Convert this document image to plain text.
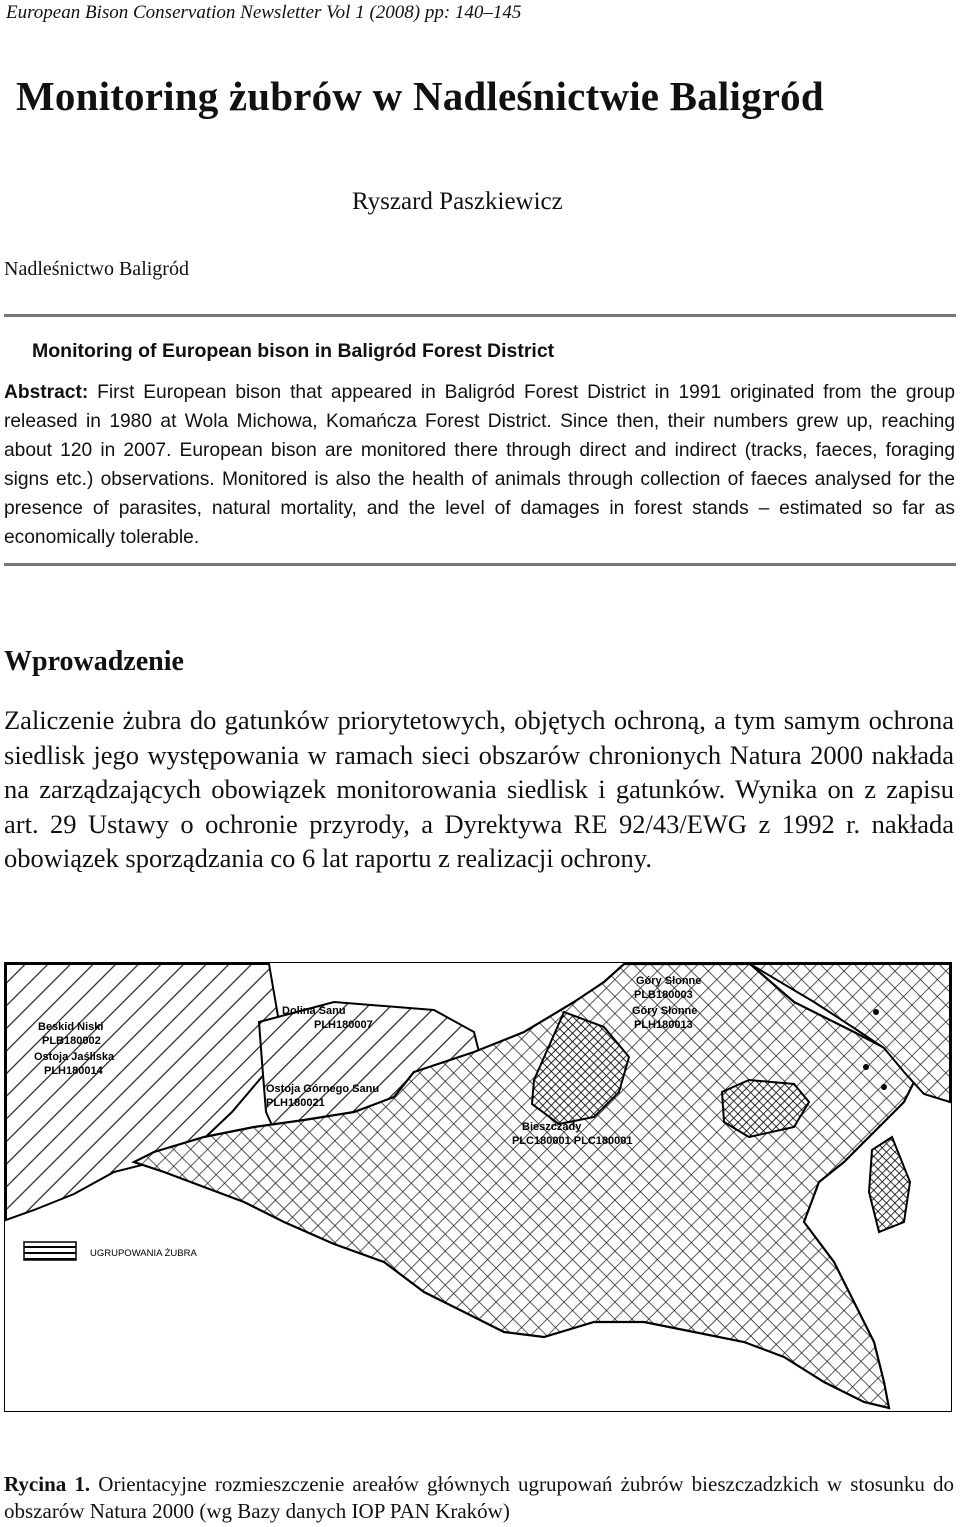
European Bison Conservation Newsletter Vol 1 (2008) pp: 140–145
Monitoring żubrów w Nadleśnictwie Baligród
Ryszard Paszkiewicz
Nadleśnictwo Baligród
Monitoring of European bison in Baligród Forest District

Abstract: First European bison that appeared in Baligród Forest District in 1991 originated from the group released in 1980 at Wola Michowa, Komańcza Forest District. Since then, their numbers grew up, reaching about 120 in 2007. European bison are monitored there through direct and indirect (tracks, faeces, foraging signs etc.) observations. Monitored is also the health of animals through collection of faeces analysed for the presence of parasites, natural mortality, and the level of damages in forest stands – estimated so far as economically tolerable.

Wprowadzenie

Zaliczenie żubra do gatunków priorytetowych, objętych ochroną, a tym samym ochrona siedlisk jego występowania w ramach sieci obszarów chronionych Natura 2000 nakłada na zarządzających obowiązek monitorowania siedlisk i gatunków. Wynika on z zapisu art. 29 Ustawy o ochronie przyrody, a Dyrektywa RE 92/43/EWG z 1992 r. nakłada obowiązek sporządzania co 6 lat raportu z realizacji ochrony.

Beskid Niski
PLB180002
Ostoja Jaśliska
PLH180014
Dolina Sanu
PLH180007
Ostoja Górnego Sanu
PLH180021
Góry Słonne
PLB180003
Góry Słonne
PLH180013
Bieszczady
PLC180001 PLC180001
UGRUPOWANIA ŻUBRA

Rycina 1. Orientacyjne rozmieszczenie areałów głównych ugrupowań żubrów bieszczadzkich w stosunku do obszarów Natura 2000 (wg Bazy danych IOP PAN Kraków)
